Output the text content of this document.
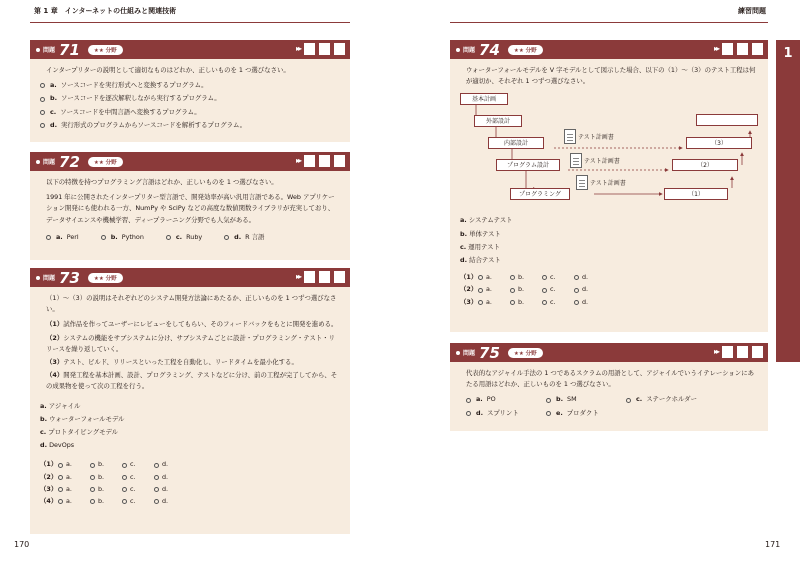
第 1 章　インターネットの仕組みと関連技術	練習問題
1
170	171
問題 71	★★ 分野	▸▸
インタープリターの説明として適切なものはどれか、正しいものを 1 つ選びなさい。
a. ソースコードを実行形式へと変換するプログラム。
b. ソースコードを逐次解釈しながら実行するプログラム。
c. ソースコードを中間言語へ変換するプログラム。
d. 実行形式のプログラムからソースコードを解析するプログラム。
問題 72	★★ 分野	▸▸
以下の特徴を持つプログラミング言語はどれか、正しいものを 1 つ選びなさい。
1991 年に公開されたインタープリター型言語で、開発効率が高い汎用言語である。Web アプリケーション開発にも使われる一方、NumPy や SciPy などの高度な数値関数ライブラリが充実しており、データサイエンスや機械学習、ディープラーニング分野でも人気がある。
a. Perl	b. Python	c. Ruby	d. R 言語
問題 73	★★ 分野	▸▸
（1）～（3）の説明はそれぞれどのシステム開発方法論にあたるか、正しいものを 1 つずつ選びなさい。
（1）試作品を作ってユーザーにレビューをしてもらい、そのフィードバックをもとに開発を進める。
（2）システムの機能をサブシステムに分け、サブシステムごとに設計・プログラミング・テスト・リリースを繰り返していく。
（3）テスト、ビルド、リリースといった工程を自動化し、リードタイムを最小化する。
（4）開発工程を基本計画、設計、プログラミング、テストなどに分け、前の工程が完了してから、その成果物を使って次の工程を行う。
a. アジャイル
b. ウォーターフォールモデル
c. プロトタイピングモデル
d. DevOps
（1） a.	b.	c.	d.
（2） a.	b.	c.	d.
（3） a.	b.	c.	d.
（4） a.	b.	c.	d.
問題 74	★★ 分野	▸▸
ウォーターフォールモデルを V 字モデルとして図示した場合、以下の（1）～（3）のテスト工程は何が適切か、それぞれ 1 つずつ選びなさい。
基本計画
外部設計
内部設計
プログラム設計
プログラミング
（3）
（2）
（1）
テスト計画書
テスト計画書
テスト計画書
a. システムテスト
b. 単体テスト
c. 運用テスト
d. 結合テスト
（1） a.	b.	c.	d.
（2） a.	b.	c.	d.
（3） a.	b.	c.	d.
問題 75	★★ 分野	▸▸
代表的なアジャイル手法の 1 つであるスクラムの用語として、アジャイルでいうイテレーションにあたる用語はどれか、正しいものを 1 つ選びなさい。
a. PO	b. SM	c. ステークホルダー
d. スプリント	e. プロダクト
